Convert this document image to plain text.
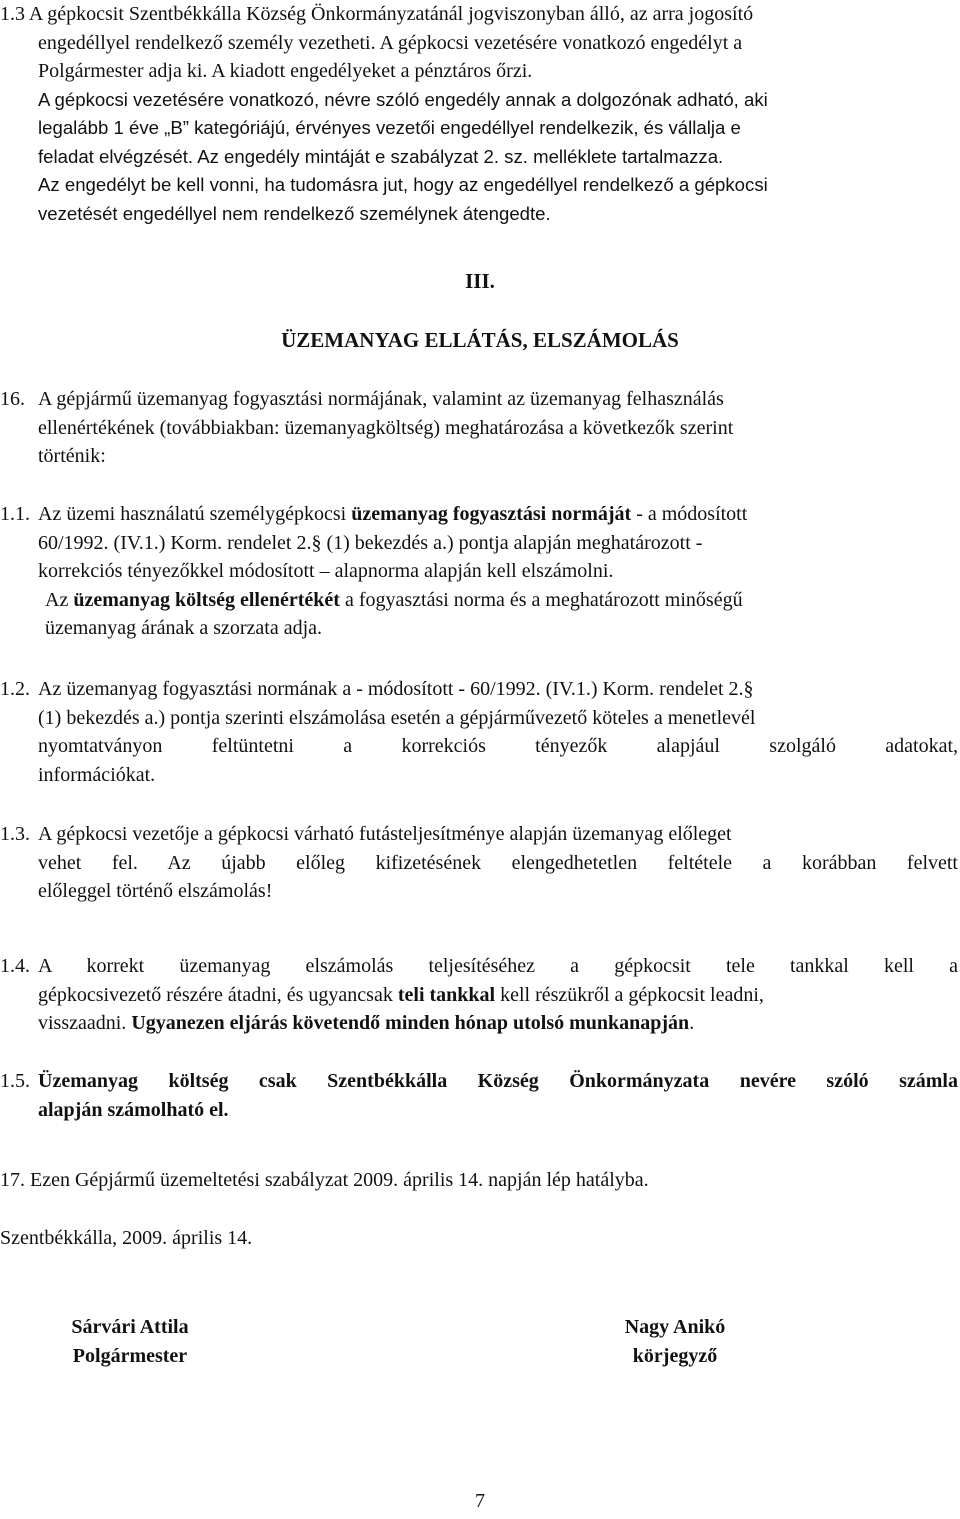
1.3 A gépkocsit Szentbékkálla Község Önkormányzatánál jogviszonyban álló, az arra jogosító

engedéllyel rendelkező személy vezetheti. A gépkocsi vezetésére vonatkozó engedélyt a

Polgármester adja ki. A kiadott engedélyeket a pénztáros őrzi.

A gépkocsi vezetésére vonatkozó, névre szóló engedély annak a dolgozónak adható, aki

legalább 1 éve „B” kategóriájú, érvényes vezetői engedéllyel rendelkezik, és vállalja e

feladat elvégzését. Az engedély mintáját e szabályzat 2. sz. melléklete tartalmazza.

Az engedélyt be kell vonni, ha tudomásra jut, hogy az engedéllyel rendelkező a gépkocsi

vezetését engedéllyel nem rendelkező személynek átengedte.

III.
ÜZEMANYAG ELLÁTÁS, ELSZÁMOLÁS

16. A gépjármű üzemanyag fogyasztási normájának, valamint az üzemanyag felhasználás

ellenértékének (továbbiakban: üzemanyagköltség) meghatározása a következők szerint

történik:

1.1. Az üzemi használatú személygépkocsi üzemanyag fogyasztási normáját - a módosított

60/1992. (IV.1.) Korm. rendelet 2.§ (1) bekezdés a.) pontja alapján meghatározott -

korrekciós tényezőkkel módosított – alapnorma alapján kell elszámolni.

Az üzemanyag költség ellenértékét a fogyasztási norma és a meghatározott minőségű

üzemanyag árának a szorzata adja.

1.2. Az üzemanyag fogyasztási normának a - módosított - 60/1992. (IV.1.) Korm. rendelet 2.§

(1) bekezdés a.) pontja szerinti elszámolása esetén a gépjárművezető köteles a menetlevél

nyomtatványon feltüntetni a korrekciós tényezők alapjául szolgáló adatokat,

információkat.

1.3. A gépkocsi vezetője a gépkocsi várható futásteljesítménye alapján üzemanyag előleget

vehet fel. Az újabb előleg kifizetésének elengedhetetlen feltétele a korábban felvett

előleggel történő elszámolás!

1.4. A korrekt üzemanyag elszámolás teljesítéséhez a gépkocsit tele tankkal kell a

gépkocsivezető részére átadni, és ugyancsak teli tankkal kell részükről a gépkocsit leadni,

visszaadni. Ugyanezen eljárás követendő minden hónap utolsó munkanapján.

1.5. Üzemanyag költség csak Szentbékkálla Község Önkormányzata nevére szóló számla

alapján számolható el.

17. Ezen Gépjármű üzemeltetési szabályzat 2009. április 14. napján lép hatályba.

Szentbékkálla, 2009. április 14.

Sárvári Attila
Polgármester
Nagy Anikó
körjegyző
7
